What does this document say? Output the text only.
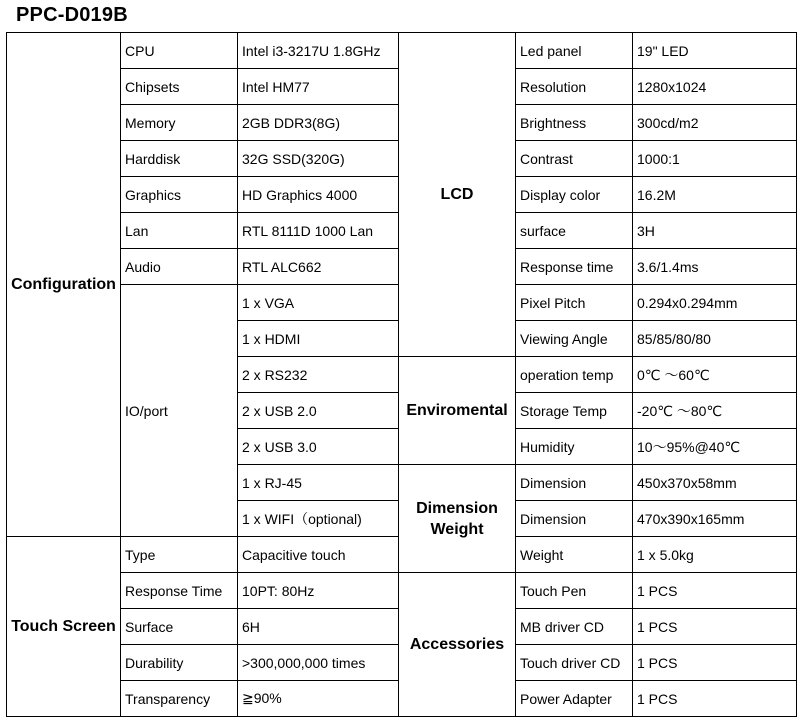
PPC-D019B
Configuration	CPU	Intel i3-3217U 1.8GHz	LCD	Led panel	19" LED
	Chipsets	Intel HM77		Resolution	1280x1024
	Memory	2GB DDR3(8G)		Brightness	300cd/m2
	Harddisk	32G SSD(320G)		Contrast	1000:1
	Graphics	HD Graphics 4000		Display color	16.2M
	Lan	RTL 8111D 1000 Lan		surface	3H
	Audio	RTL ALC662		Response time	3.6/1.4ms
	IO/port	1 x VGA		Pixel Pitch	0.294x0.294mm
		1 x HDMI		Viewing Angle	85/85/80/80
		2 x RS232	Enviromental	operation temp	0℃ ～60℃
		2 x USB 2.0		Storage Temp	-20℃ ～80℃
		2 x USB 3.0		Humidity	10～95%@40℃
		1 x RJ-45	Dimension Weight	Dimension	450x370x58mm
		1 x WIFI（optional)		Dimension	470x390x165mm
Touch Screen	Type	Capacitive touch		Weight	1 x 5.0kg
	Response Time	10PT: 80Hz	Accessories	Touch Pen	1 PCS
	Surface	6H		MB driver CD	1 PCS
	Durability	>300,000,000 times		Touch driver CD	1 PCS
	Transparency	≧90%		Power Adapter	1 PCS
